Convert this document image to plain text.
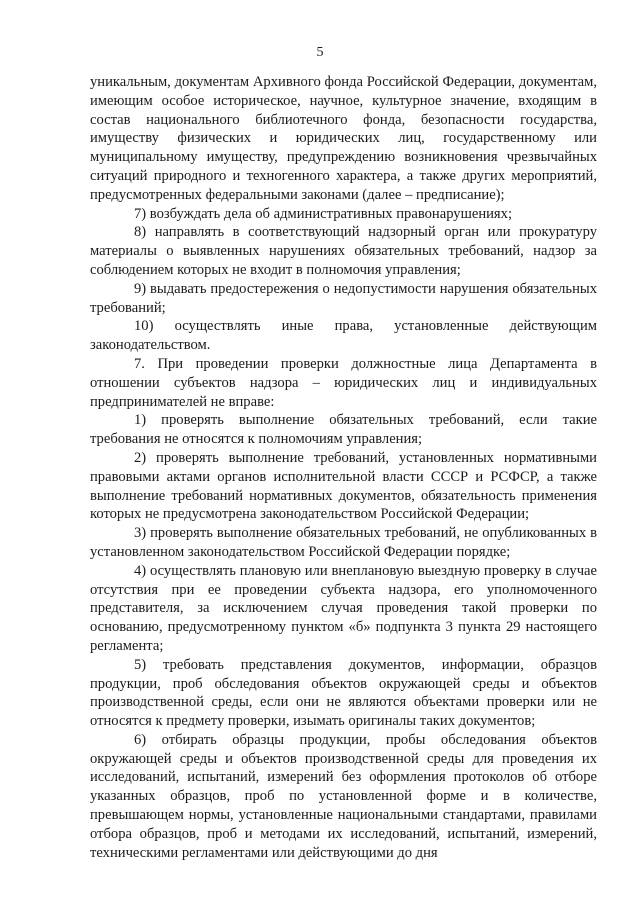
5

уникальным, документам Архивного фонда Российской Федерации, документам, имеющим особое историческое, научное, культурное значение, входящим в состав национального библиотечного фонда, безопасности государства, имуществу физических и юридических лиц, государственному или муниципальному имуществу, предупреждению возникновения чрезвычайных ситуаций природного и техногенного характера, а также других мероприятий, предусмотренных федеральными законами (далее – предписание);

7) возбуждать дела об административных правонарушениях;

8) направлять в соответствующий надзорный орган или прокуратуру материалы о выявленных нарушениях обязательных требований, надзор за соблюдением которых не входит в полномочия управления;

9) выдавать предостережения о недопустимости нарушения обязательных требований;

10) осуществлять иные права, установленные действующим законодательством.

7. При проведении проверки должностные лица Департамента в отношении субъектов надзора – юридических лиц и индивидуальных предпринимателей не вправе:

1) проверять выполнение обязательных требований, если такие требования не относятся к полномочиям управления;

2) проверять выполнение требований, установленных нормативными правовыми актами органов исполнительной власти СССР и РСФСР, а также выполнение требований нормативных документов, обязательность применения которых не предусмотрена законодательством Российской Федерации;

3) проверять выполнение обязательных требований, не опубликованных в установленном законодательством Российской Федерации порядке;

4) осуществлять плановую или внеплановую выездную проверку в случае отсутствия при ее проведении субъекта надзора, его уполномоченного представителя, за исключением случая проведения такой проверки по основанию, предусмотренному пунктом «б» подпункта 3 пункта 29 настоящего регламента;

5) требовать представления документов, информации, образцов продукции, проб обследования объектов окружающей среды и объектов производственной среды, если они не являются объектами проверки или не относятся к предмету проверки, изымать оригиналы таких документов;

6) отбирать образцы продукции, пробы обследования объектов окружающей среды и объектов производственной среды для проведения их исследований, испытаний, измерений без оформления протоколов об отборе указанных образцов, проб по установленной форме и в количестве, превышающем нормы, установленные национальными стандартами, правилами отбора образцов, проб и методами их исследований, испытаний, измерений, техническими регламентами или действующими до дня
